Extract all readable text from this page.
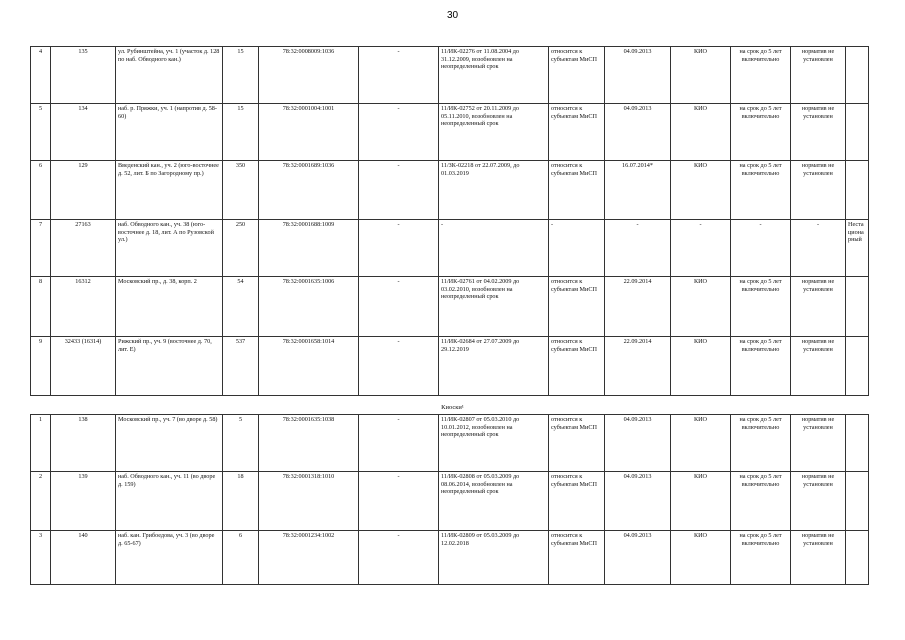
30
4	135	ул. Рубинштейна, уч. 1 (участок д. 128 по наб. Обводного кан.)	15	78:32:0008009:1036	-	11/ИК-02276 от 11.08.2004 до 31.12.2009, возобновлен на неопределенный срок	относится к субъектам МиСП	04.09.2013	КИО	на срок до 5 лет включительно	норматив не установлен	
5	134	наб. р. Пряжки, уч. 1 (напротив д. 58-60)	15	78:32:0001004:1001	-	11/ИК-02752 от 20.11.2009 до 05.11.2010, возобновлен на неопределенный срок	относится к субъектам МиСП	04.09.2013	КИО	на срок до 5 лет включительно	норматив не установлен	
6	129	Введенский кан., уч. 2 (юго-восточнее д. 52, лит. Б по Загородному пр.)	350	78:32:0001689:1036	-	11/ЗК-02218 от 22.07.2009, до 01.03.2019	относится к субъектам МиСП	16.07.2014*	КИО	на срок до 5 лет включительно	норматив не установлен	
7	27163	наб. Обводного кан., уч. 38 (юго-восточнее д. 18, лит. А по Рузовской ул.)	250	78:32:0001688:1009	-	-	-	-	-	-	-	Нестационарный
8	16312	Московский пр., д. 38, корп. 2	54	78:32:0001635:1006	-	11/ИК-02761 от 04.02.2009 до 03.02.2010, возобновлен на неопределенный срок	относится к субъектам МиСП	22.09.2014	КИО	на срок до 5 лет включительно	норматив не установлен	
9	32433 (16314)	Рижский пр., уч. 9 (восточнее д. 70, лит. Е)	537	78:32:0001658:1014	-	11/ИК-02684 от 27.07.2009 до 29.12.2019	относится к субъектам МиСП	22.09.2014	КИО	на срок до 5 лет включительно	норматив не установлен	
Киоски¹
1	138	Московский пр., уч. 7 (во дворе д. 58)	5	78:32:0001635:1038	-	11/ИК-02807 от 05.03.2010 до 10.01.2012, возобновлен на неопределенный срок	относится к субъектам МиСП	04.09.2013	КИО	на срок до 5 лет включительно	норматив не установлен	
2	139	наб. Обводного кан., уч. 11 (во дворе д. 159)	18	78:32:0001318:1010	-	11/ИК-02808 от 05.03.2009 до 08.06.2014, возобновлен на неопределенный срок	относится к субъектам МиСП	04.09.2013	КИО	на срок до 5 лет включительно	норматив не установлен	
3	140	наб. кан. Грибоедова, уч. 3 (во дворе д. 65-67)	6	78:32:0001234:1002	-	11/ИК-02809 от 05.03.2009 до 12.02.2018	относится к субъектам МиСП	04.09.2013	КИО	на срок до 5 лет включительно	норматив не установлен	
